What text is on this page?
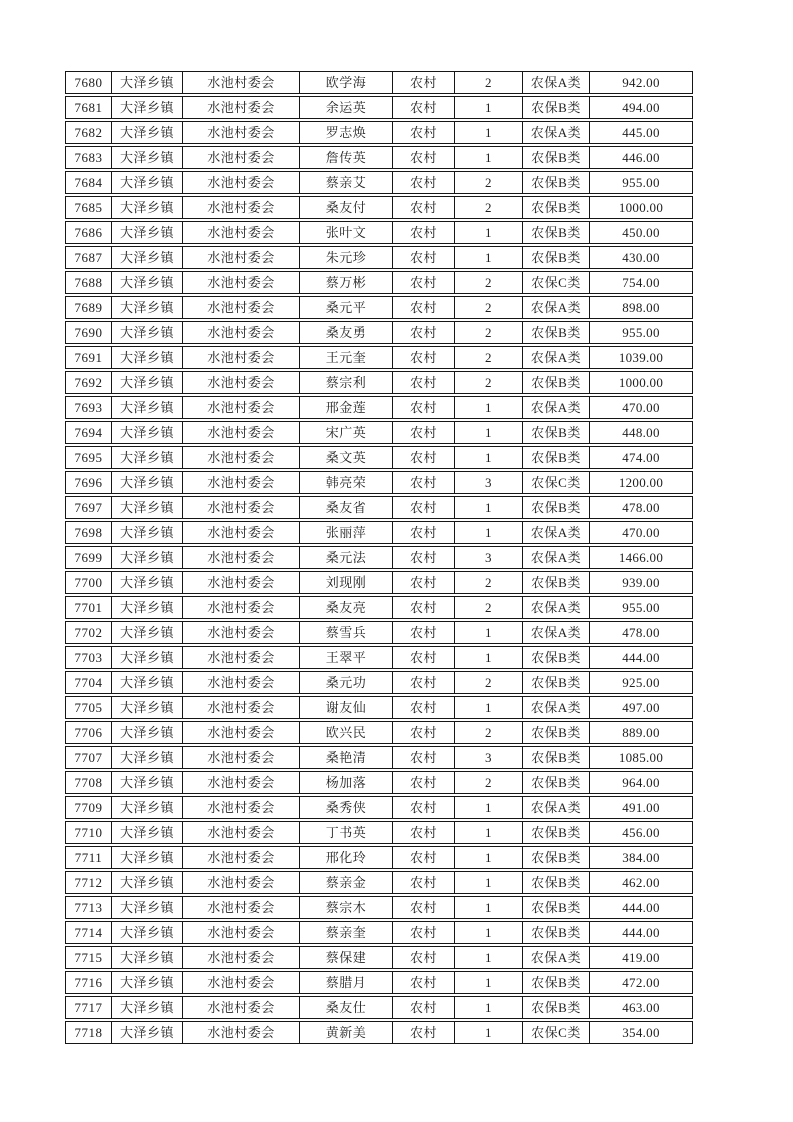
7680	大泽乡镇	水池村委会	欧学海	农村	2	农保A类	942.00
7681	大泽乡镇	水池村委会	余运英	农村	1	农保B类	494.00
7682	大泽乡镇	水池村委会	罗志焕	农村	1	农保A类	445.00
7683	大泽乡镇	水池村委会	詹传英	农村	1	农保B类	446.00
7684	大泽乡镇	水池村委会	蔡亲艾	农村	2	农保B类	955.00
7685	大泽乡镇	水池村委会	桑友付	农村	2	农保B类	1000.00
7686	大泽乡镇	水池村委会	张叶文	农村	1	农保B类	450.00
7687	大泽乡镇	水池村委会	朱元珍	农村	1	农保B类	430.00
7688	大泽乡镇	水池村委会	蔡万彬	农村	2	农保C类	754.00
7689	大泽乡镇	水池村委会	桑元平	农村	2	农保A类	898.00
7690	大泽乡镇	水池村委会	桑友勇	农村	2	农保B类	955.00
7691	大泽乡镇	水池村委会	王元奎	农村	2	农保A类	1039.00
7692	大泽乡镇	水池村委会	蔡宗利	农村	2	农保B类	1000.00
7693	大泽乡镇	水池村委会	邢金莲	农村	1	农保A类	470.00
7694	大泽乡镇	水池村委会	宋广英	农村	1	农保B类	448.00
7695	大泽乡镇	水池村委会	桑文英	农村	1	农保B类	474.00
7696	大泽乡镇	水池村委会	韩亮荣	农村	3	农保C类	1200.00
7697	大泽乡镇	水池村委会	桑友省	农村	1	农保B类	478.00
7698	大泽乡镇	水池村委会	张丽萍	农村	1	农保A类	470.00
7699	大泽乡镇	水池村委会	桑元法	农村	3	农保A类	1466.00
7700	大泽乡镇	水池村委会	刘现刚	农村	2	农保B类	939.00
7701	大泽乡镇	水池村委会	桑友亮	农村	2	农保A类	955.00
7702	大泽乡镇	水池村委会	蔡雪兵	农村	1	农保A类	478.00
7703	大泽乡镇	水池村委会	王翠平	农村	1	农保B类	444.00
7704	大泽乡镇	水池村委会	桑元功	农村	2	农保B类	925.00
7705	大泽乡镇	水池村委会	谢友仙	农村	1	农保A类	497.00
7706	大泽乡镇	水池村委会	欧兴民	农村	2	农保B类	889.00
7707	大泽乡镇	水池村委会	桑艳清	农村	3	农保B类	1085.00
7708	大泽乡镇	水池村委会	杨加落	农村	2	农保B类	964.00
7709	大泽乡镇	水池村委会	桑秀侠	农村	1	农保A类	491.00
7710	大泽乡镇	水池村委会	丁书英	农村	1	农保B类	456.00
7711	大泽乡镇	水池村委会	邢化玲	农村	1	农保B类	384.00
7712	大泽乡镇	水池村委会	蔡亲金	农村	1	农保B类	462.00
7713	大泽乡镇	水池村委会	蔡宗木	农村	1	农保B类	444.00
7714	大泽乡镇	水池村委会	蔡亲奎	农村	1	农保B类	444.00
7715	大泽乡镇	水池村委会	蔡保建	农村	1	农保A类	419.00
7716	大泽乡镇	水池村委会	蔡腊月	农村	1	农保B类	472.00
7717	大泽乡镇	水池村委会	桑友仕	农村	1	农保B类	463.00
7718	大泽乡镇	水池村委会	黄新美	农村	1	农保C类	354.00
